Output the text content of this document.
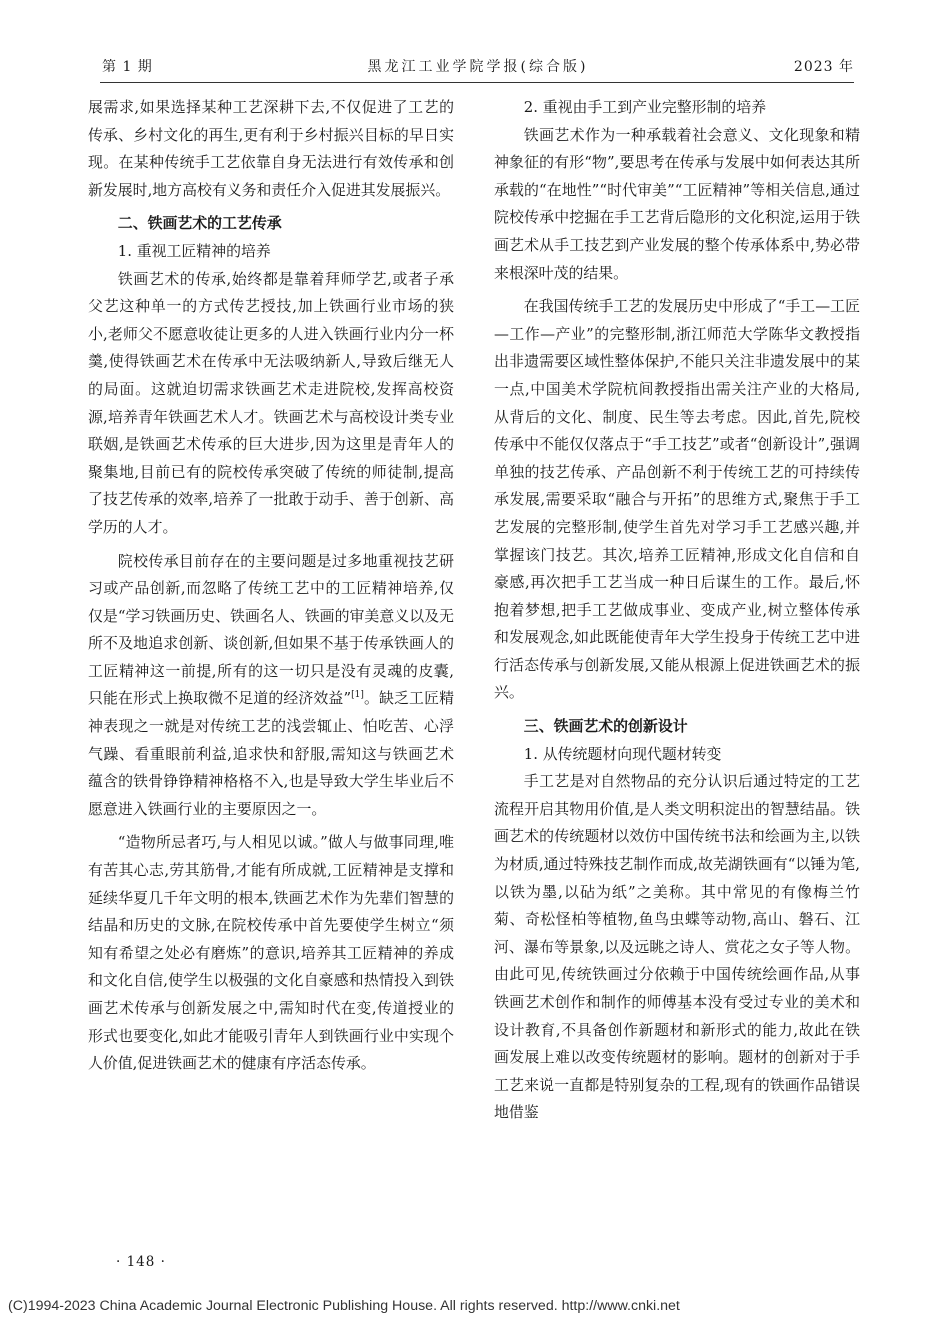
第 1 期	黑龙江工业学院学报(综合版)	2023 年

展需求,如果选择某种工艺深耕下去,不仅促进了工艺的传承、乡村文化的再生,更有利于乡村振兴目标的早日实现。在某种传统手工艺依靠自身无法进行有效传承和创新发展时,地方高校有义务和责任介入促进其发展振兴。

二、铁画艺术的工艺传承
1. 重视工匠精神的培养

铁画艺术的传承,始终都是靠着拜师学艺,或者子承父艺这种单一的方式传艺授技,加上铁画行业市场的狭小,老师父不愿意收徒让更多的人进入铁画行业内分一杯羹,使得铁画艺术在传承中无法吸纳新人,导致后继无人的局面。这就迫切需求铁画艺术走进院校,发挥高校资源,培养青年铁画艺术人才。铁画艺术与高校设计类专业联姻,是铁画艺术传承的巨大进步,因为这里是青年人的聚集地,目前已有的院校传承突破了传统的师徒制,提高了技艺传承的效率,培养了一批敢于动手、善于创新、高学历的人才。

院校传承目前存在的主要问题是过多地重视技艺研习或产品创新,而忽略了传统工艺中的工匠精神培养,仅仅是“学习铁画历史、铁画名人、铁画的审美意义以及无所不及地追求创新、谈创新,但如果不基于传承铁画人的工匠精神这一前提,所有的这一切只是没有灵魂的皮囊,只能在形式上换取微不足道的经济效益”[1]。缺乏工匠精神表现之一就是对传统工艺的浅尝辄止、怕吃苦、心浮气躁、看重眼前利益,追求快和舒服,需知这与铁画艺术蕴含的铁骨铮铮精神格格不入,也是导致大学生毕业后不愿意进入铁画行业的主要原因之一。

“造物所忌者巧,与人相见以诚。”做人与做事同理,唯有苦其心志,劳其筋骨,才能有所成就,工匠精神是支撑和延续华夏几千年文明的根本,铁画艺术作为先辈们智慧的结晶和历史的文脉,在院校传承中首先要使学生树立“须知有希望之处必有磨炼”的意识,培养其工匠精神的养成和文化自信,使学生以极强的文化自豪感和热情投入到铁画艺术传承与创新发展之中,需知时代在变,传道授业的形式也要变化,如此才能吸引青年人到铁画行业中实现个人价值,促进铁画艺术的健康有序活态传承。

2. 重视由手工到产业完整形制的培养

铁画艺术作为一种承载着社会意义、文化现象和精神象征的有形“物”,要思考在传承与发展中如何表达其所承载的“在地性”“时代审美”“工匠精神”等相关信息,通过院校传承中挖掘在手工艺背后隐形的文化积淀,运用于铁画艺术从手工技艺到产业发展的整个传承体系中,势必带来根深叶茂的结果。

在我国传统手工艺的发展历史中形成了“手工—工匠—工作—产业”的完整形制,浙江师范大学陈华文教授指出非遗需要区域性整体保护,不能只关注非遗发展中的某一点,中国美术学院杭间教授指出需关注产业的大格局,从背后的文化、制度、民生等去考虑。因此,首先,院校传承中不能仅仅落点于“手工技艺”或者“创新设计”,强调单独的技艺传承、产品创新不利于传统工艺的可持续传承发展,需要采取“融合与开拓”的思维方式,聚焦于手工艺发展的完整形制,使学生首先对学习手工艺感兴趣,并掌握该门技艺。其次,培养工匠精神,形成文化自信和自豪感,再次把手工艺当成一种日后谋生的工作。最后,怀抱着梦想,把手工艺做成事业、变成产业,树立整体传承和发展观念,如此既能使青年大学生投身于传统工艺中进行活态传承与创新发展,又能从根源上促进铁画艺术的振兴。

三、铁画艺术的创新设计
1. 从传统题材向现代题材转变

手工艺是对自然物品的充分认识后通过特定的工艺流程开启其物用价值,是人类文明积淀出的智慧结晶。铁画艺术的传统题材以效仿中国传统书法和绘画为主,以铁为材质,通过特殊技艺制作而成,故芜湖铁画有“以锤为笔,以铁为墨,以砧为纸”之美称。其中常见的有像梅兰竹菊、奇松怪柏等植物,鱼鸟虫蝶等动物,高山、磐石、江河、瀑布等景象,以及远眺之诗人、赏花之女子等人物。由此可见,传统铁画过分依赖于中国传统绘画作品,从事铁画艺术创作和制作的师傅基本没有受过专业的美术和设计教育,不具备创作新题材和新形式的能力,故此在铁画发展上难以改变传统题材的影响。题材的创新对于手工艺来说一直都是特别复杂的工程,现有的铁画作品错误地借鉴

· 148 ·
(C)1994-2023 China Academic Journal Electronic Publishing House. All rights reserved. http://www.cnki.net
